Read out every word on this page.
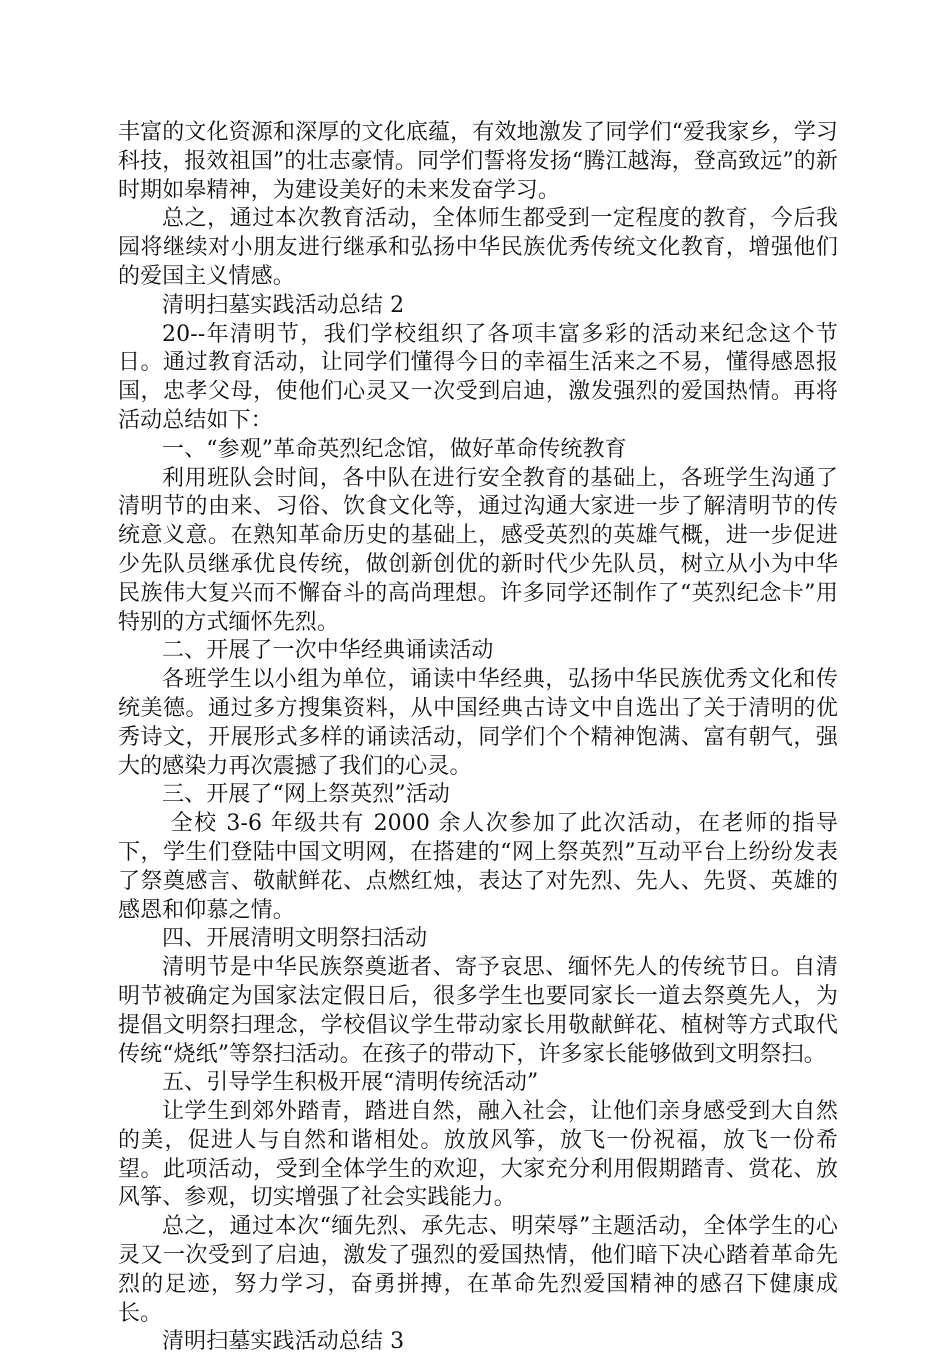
丰富的文化资源和深厚的文化底蕴，有效地激发了同学们“爱我家乡，学习科技，报效祖国”的壮志豪情。同学们誓将发扬“腾江越海，登高致远”的新时期如皋精神，为建设美好的未来发奋学习。

总之，通过本次教育活动，全体师生都受到一定程度的教育，今后我园将继续对小朋友进行继承和弘扬中华民族优秀传统文化教育，增强他们的爱国主义情感。

清明扫墓实践活动总结 2

20--年清明节，我们学校组织了各项丰富多彩的活动来纪念这个节日。通过教育活动，让同学们懂得今日的幸福生活来之不易，懂得感恩报国，忠孝父母，使他们心灵又一次受到启迪，激发强烈的爱国热情。再将活动总结如下：

一、“参观”革命英烈纪念馆，做好革命传统教育

利用班队会时间，各中队在进行安全教育的基础上，各班学生沟通了清明节的由来、习俗、饮食文化等，通过沟通大家进一步了解清明节的传统意义意。在熟知革命历史的基础上，感受英烈的英雄气概，进一步促进少先队员继承优良传统，做创新创优的新时代少先队员，树立从小为中华民族伟大复兴而不懈奋斗的高尚理想。许多同学还制作了“英烈纪念卡”用特别的方式缅怀先烈。

二、开展了一次中华经典诵读活动

各班学生以小组为单位，诵读中华经典，弘扬中华民族优秀文化和传统美德。通过多方搜集资料，从中国经典古诗文中自选出了关于清明的优秀诗文，开展形式多样的诵读活动，同学们个个精神饱满、富有朝气，强大的感染力再次震撼了我们的心灵。

三、开展了“网上祭英烈”活动

全校 3-6 年级共有 2000 余人次参加了此次活动，在老师的指导下，学生们登陆中国文明网，在搭建的“网上祭英烈”互动平台上纷纷发表了祭奠感言、敬献鲜花、点燃红烛，表达了对先烈、先人、先贤、英雄的感恩和仰慕之情。

四、开展清明文明祭扫活动

清明节是中华民族祭奠逝者、寄予哀思、缅怀先人的传统节日。自清明节被确定为国家法定假日后，很多学生也要同家长一道去祭奠先人，为提倡文明祭扫理念，学校倡议学生带动家长用敬献鲜花、植树等方式取代传统“烧纸”等祭扫活动。在孩子的带动下，许多家长能够做到文明祭扫。

五、引导学生积极开展“清明传统活动”

让学生到郊外踏青，踏进自然，融入社会，让他们亲身感受到大自然的美，促进人与自然和谐相处。放放风筝，放飞一份祝福，放飞一份希望。此项活动，受到全体学生的欢迎，大家充分利用假期踏青、赏花、放风筝、参观，切实增强了社会实践能力。

总之，通过本次“缅先烈、承先志、明荣辱”主题活动，全体学生的心灵又一次受到了启迪，激发了强烈的爱国热情，他们暗下决心踏着革命先烈的足迹，努力学习，奋勇拼搏，在革命先烈爱国精神的感召下健康成长。

清明扫墓实践活动总结 3
